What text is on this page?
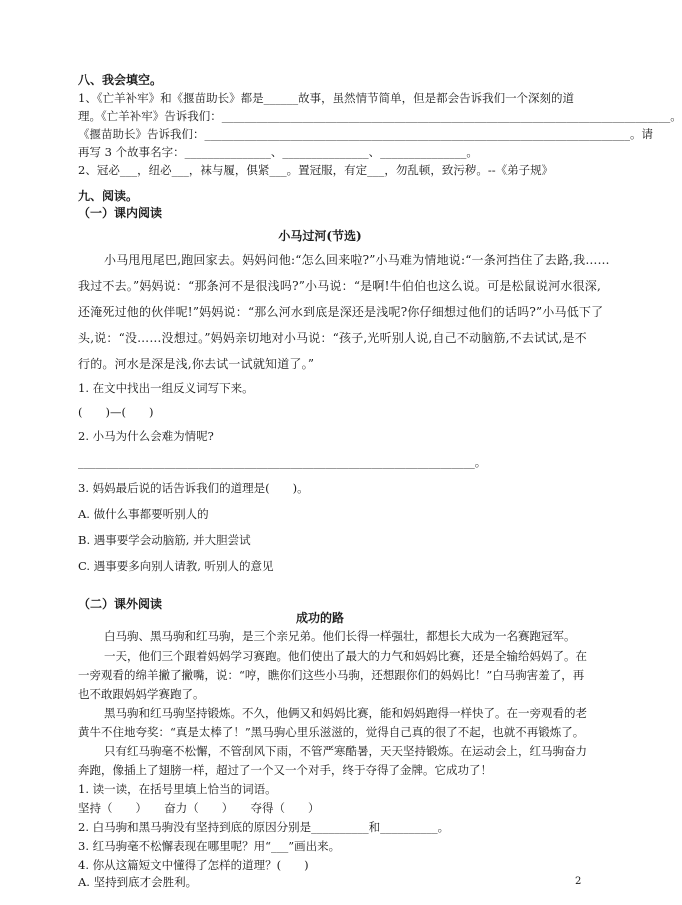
八、我会填空。
1、《亡羊补牢》和《揠苗助长》都是______故事，虽然情节简单，但是都会告诉我们一个深刻的道
理。《亡羊补牢》告诉我们：______________________________________________________________________________。
《揠苗助长》告诉我们：__________________________________________________________________________。请
再写 3 个故事名字：_______________、_______________、_______________。
2、冠必___，纽必___，袜与履，俱紧___。置冠服，有定___，勿乱顿，致污秽。--《弟子规》
九、阅读。
（一）课内阅读
小马过河(节选)
小马甩甩尾巴,跑回家去。妈妈问他:“怎么回来啦?”小马难为情地说:“一条河挡住了去路,我……
我过不去。”妈妈说：“那条河不是很浅吗?”小马说：“是啊!牛伯伯也这么说。可是松鼠说河水很深,
还淹死过他的伙伴呢!”妈妈说：“那么河水到底是深还是浅呢?你仔细想过他们的话吗?”小马低下了
头,说：“没……没想过。”妈妈亲切地对小马说：“孩子,光听别人说,自己不动脑筋,不去试试,是不
行的。河水是深是浅,你去试一试就知道了。”
1. 在文中找出一组反义词写下来。
(　　)—(　　)
2. 小马为什么会难为情呢?
_____________________________________________________________________。
3. 妈妈最后说的话告诉我们的道理是(　　)。
A. 做什么事都要听别人的
B. 遇事要学会动脑筋, 并大胆尝试
C. 遇事要多向别人请教, 听别人的意见
（二）课外阅读
成功的路
白马驹、黑马驹和红马驹，是三个亲兄弟。他们长得一样强壮，都想长大成为一名赛跑冠军。
一天，他们三个跟着妈妈学习赛跑。他们使出了最大的力气和妈妈比赛，还是全输给妈妈了。在
一旁观看的绵羊撇了撇嘴，说：“哼，瞧你们这些小马驹，还想跟你们的妈妈比！”白马驹害羞了，再
也不敢跟妈妈学赛跑了。
黑马驹和红马驹坚持锻炼。不久，他俩又和妈妈比赛，能和妈妈跑得一样快了。在一旁观看的老
黄牛不住地夸奖：“真是太棒了！”黑马驹心里乐滋滋的，觉得自己真的很了不起，也就不再锻炼了。
只有红马驹毫不松懈，不管刮风下雨，不管严寒酷暑，天天坚持锻炼。在运动会上，红马驹奋力
奔跑，像插上了翅膀一样，超过了一个又一个对手，终于夺得了金牌。它成功了！
1. 读一读，在括号里填上恰当的词语。
坚持（　　）　　奋力（　　）　　夺得（　　）
2. 白马驹和黑马驹没有坚持到底的原因分别是__________和__________。
3. 红马驹毫不松懈表现在哪里呢？用“___”画出来。
4. 你从这篇短文中懂得了怎样的道理？(　　)
A. 坚持到底才会胜利。	2
